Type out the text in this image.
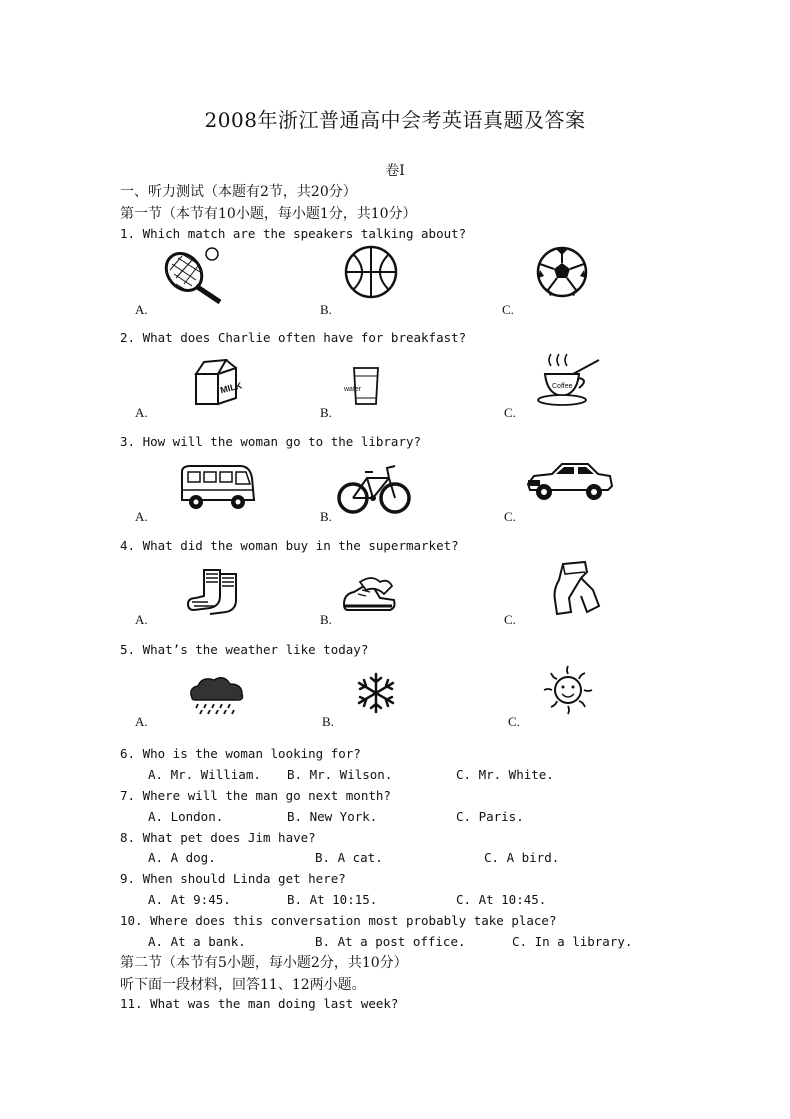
2008年浙江普通高中会考英语真题及答案
卷I
一、听力测试（本题有2节，共20分）
第一节（本节有10小题，每小题1分，共10分）
1. Which match are the speakers talking about?
A.	B.	C.
2. What does Charlie often have for breakfast?
MILK	water	Coffee
A.	B.	C.
3. How will the woman go to the library?
A.	B.	C.
4. What did the woman buy in the supermarket?
A.	B.	C.
5. What’s the weather like today?
A.	B.	C.
6. Who is the woman looking for?
A. Mr. William. B. Mr. Wilson.	C. Mr. White.
7. Where will the man go next month?
A. London.	B. New York.	C. Paris.
8. What pet does Jim have?
A. A dog.	B. A cat.	C. A bird.
9. When should Linda get here?
A. At 9:45.	B. At 10:15.	C. At 10:45.
10. Where does this conversation most probably take place?
A. At a bank.	B. At a post office.	C. In a library.
第二节（本节有5小题，每小题2分，共10分）
听下面一段材料，回答11、12两小题。
11. What was the man doing last week?
